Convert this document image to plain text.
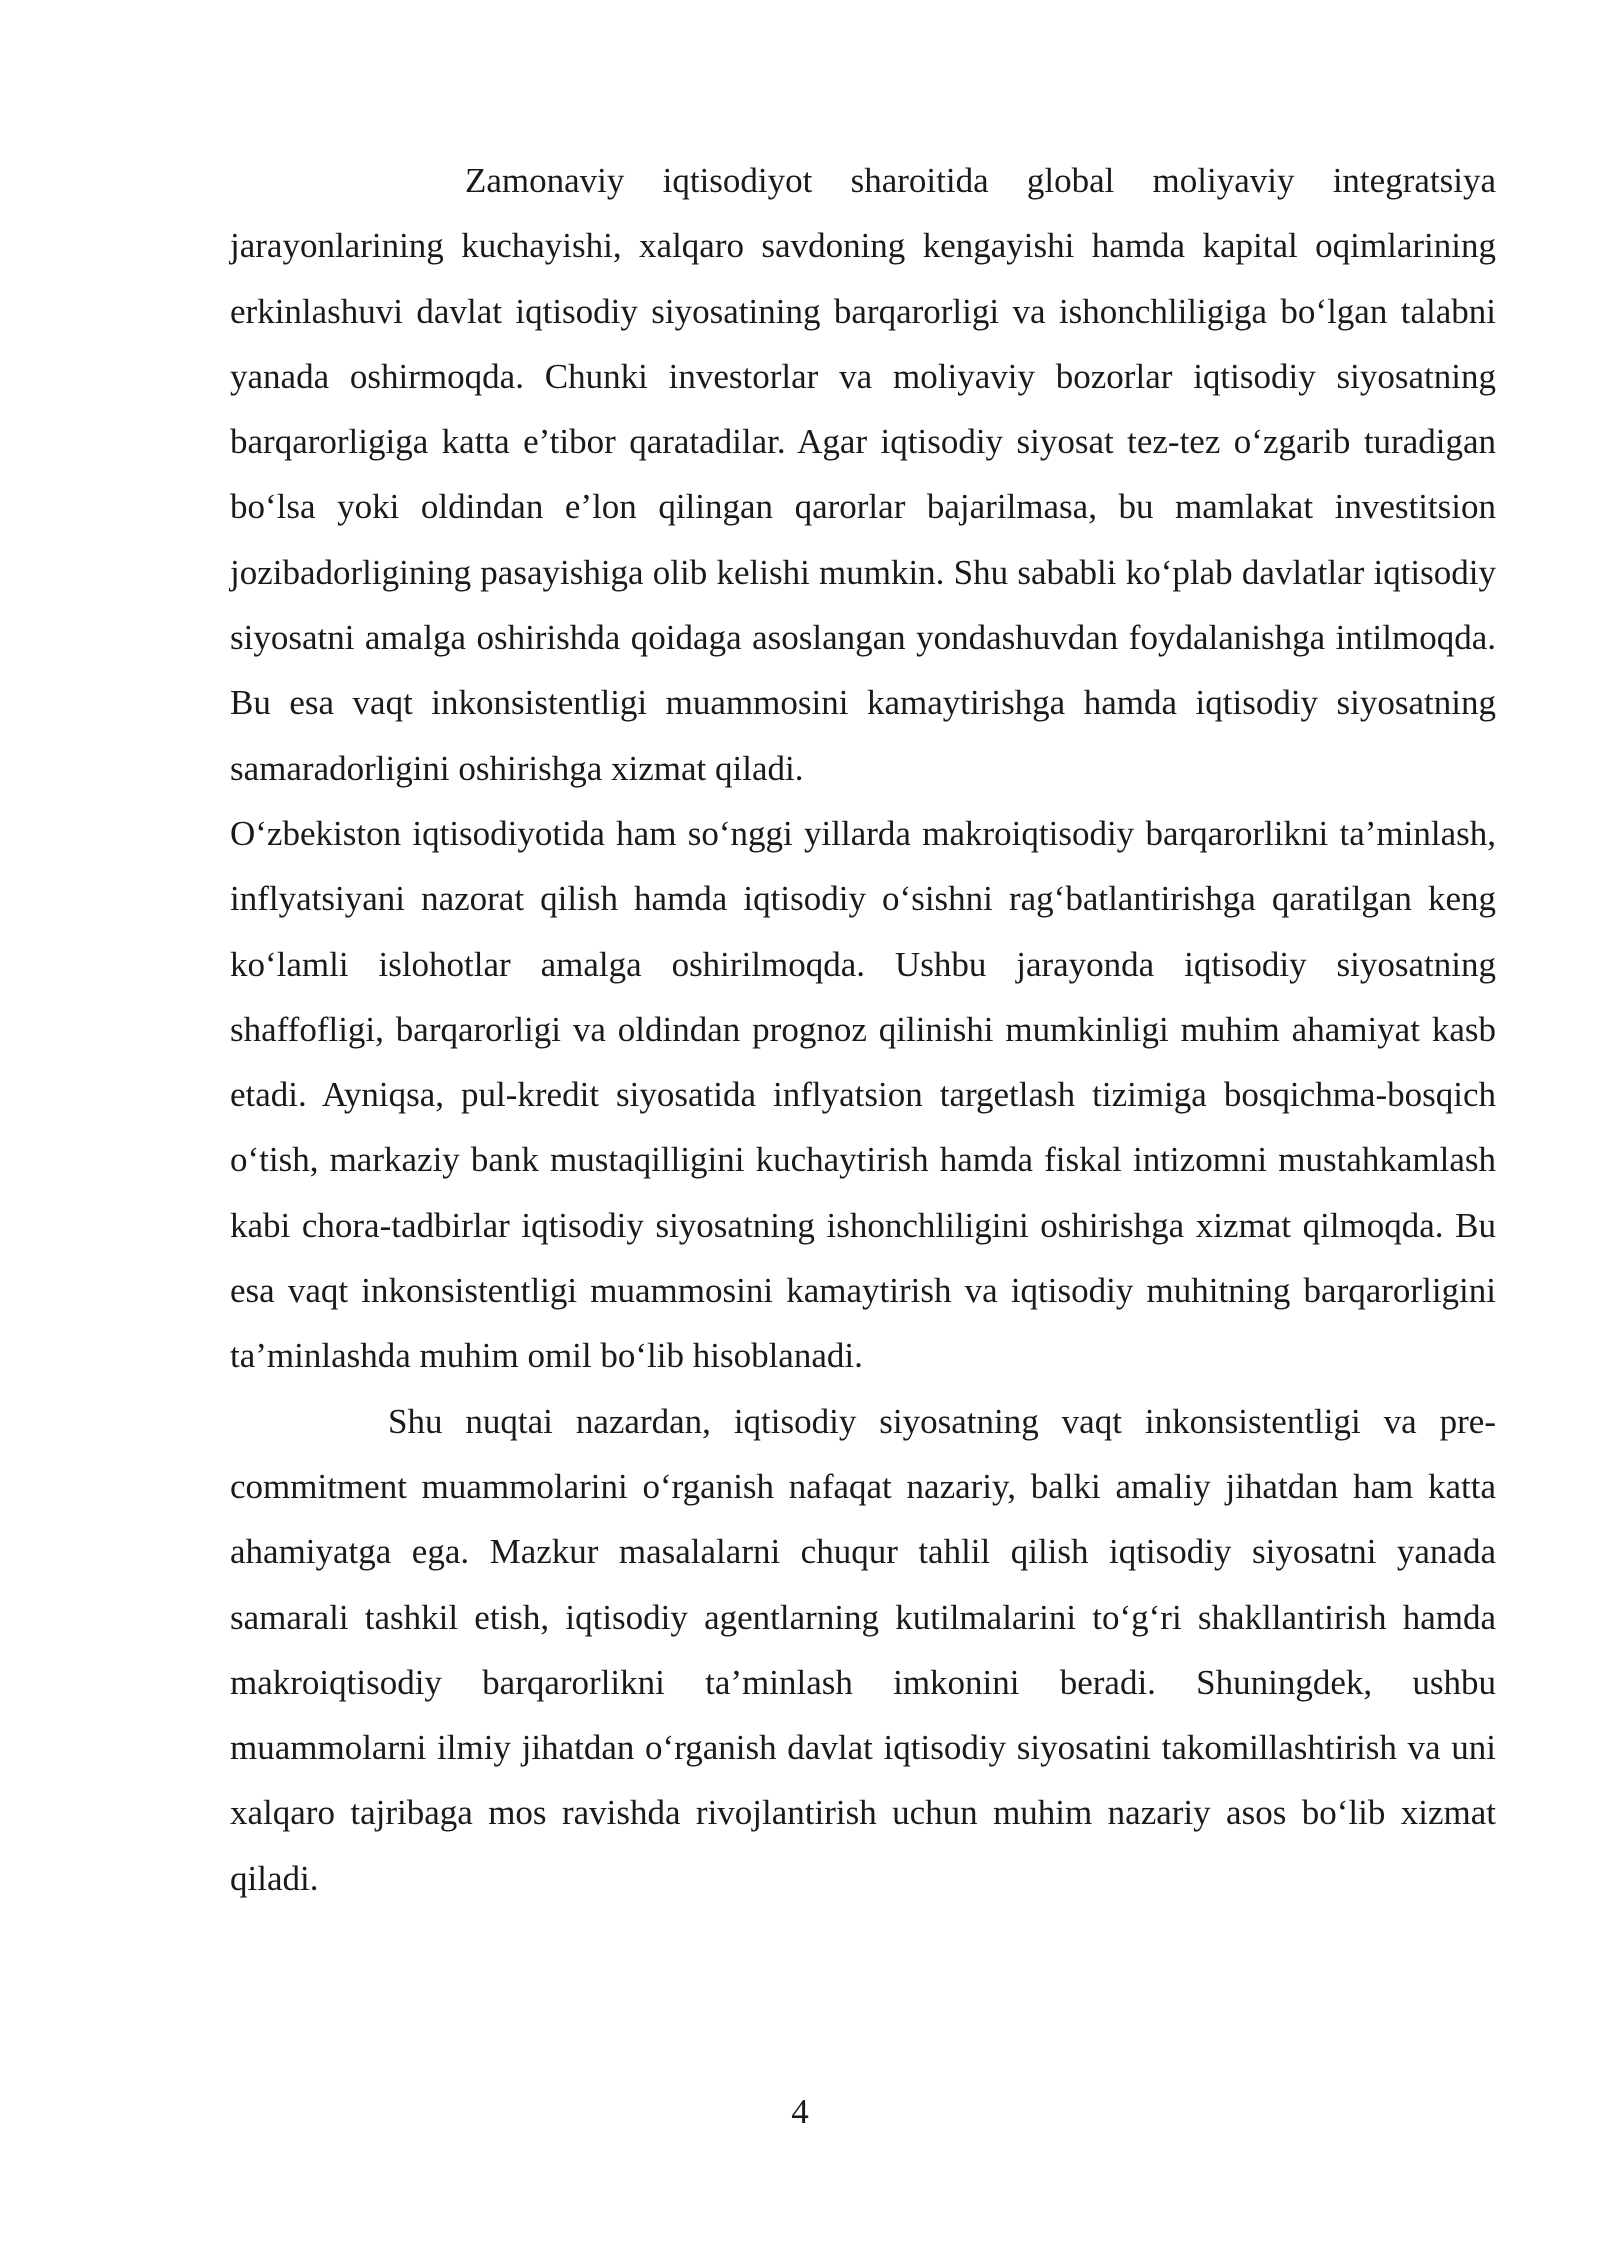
Zamonaviy iqtisodiyot sharoitida global moliyaviy integratsiya jarayonlarining kuchayishi, xalqaro savdoning kengayishi hamda kapital oqimlarining erkinlashuvi davlat iqtisodiy siyosatining barqarorligi va ishonchliligiga bo‘lgan talabni yanada oshirmoqda. Chunki investorlar va moliyaviy bozorlar iqtisodiy siyosatning barqarorligiga katta e’tibor qaratadilar. Agar iqtisodiy siyosat tez-tez o‘zgarib turadigan bo‘lsa yoki oldindan e’lon qilingan qarorlar bajarilmasa, bu mamlakat investitsion jozibadorligining pasayishiga olib kelishi mumkin. Shu sababli ko‘plab davlatlar iqtisodiy siyosatni amalga oshirishda qoidaga asoslangan yondashuvdan foydalanishga intilmoqda. Bu esa vaqt inkonsistentligi muammosini kamaytirishga hamda iqtisodiy siyosatning samaradorligini oshirishga xizmat qiladi.

O‘zbekiston iqtisodiyotida ham so‘nggi yillarda makroiqtisodiy barqarorlikni ta’minlash, inflyatsiyani nazorat qilish hamda iqtisodiy o‘sishni rag‘batlantirishga qaratilgan keng ko‘lamli islohotlar amalga oshirilmoqda. Ushbu jarayonda iqtisodiy siyosatning shaffofligi, barqarorligi va oldindan prognoz qilinishi mumkinligi muhim ahamiyat kasb etadi. Ayniqsa, pul-kredit siyosatida inflyatsion targetlash tizimiga bosqichma-bosqich o‘tish, markaziy bank mustaqilligini kuchaytirish hamda fiskal intizomni mustahkamlash kabi chora-tadbirlar iqtisodiy siyosatning ishonchliligini oshirishga xizmat qilmoqda. Bu esa vaqt inkonsistentligi muammosini kamaytirish va iqtisodiy muhitning barqarorligini ta’minlashda muhim omil bo‘lib hisoblanadi.

Shu nuqtai nazardan, iqtisodiy siyosatning vaqt inkonsistentligi va pre-commitment muammolarini o‘rganish nafaqat nazariy, balki amaliy jihatdan ham katta ahamiyatga ega. Mazkur masalalarni chuqur tahlil qilish iqtisodiy siyosatni yanada samarali tashkil etish, iqtisodiy agentlarning kutilmalarini to‘g‘ri shakllantirish hamda makroiqtisodiy barqarorlikni ta’minlash imkonini beradi. Shuningdek, ushbu muammolarni ilmiy jihatdan o‘rganish davlat iqtisodiy siyosatini takomillashtirish va uni xalqaro tajribaga mos ravishda rivojlantirish uchun muhim nazariy asos bo‘lib xizmat qiladi.

4
